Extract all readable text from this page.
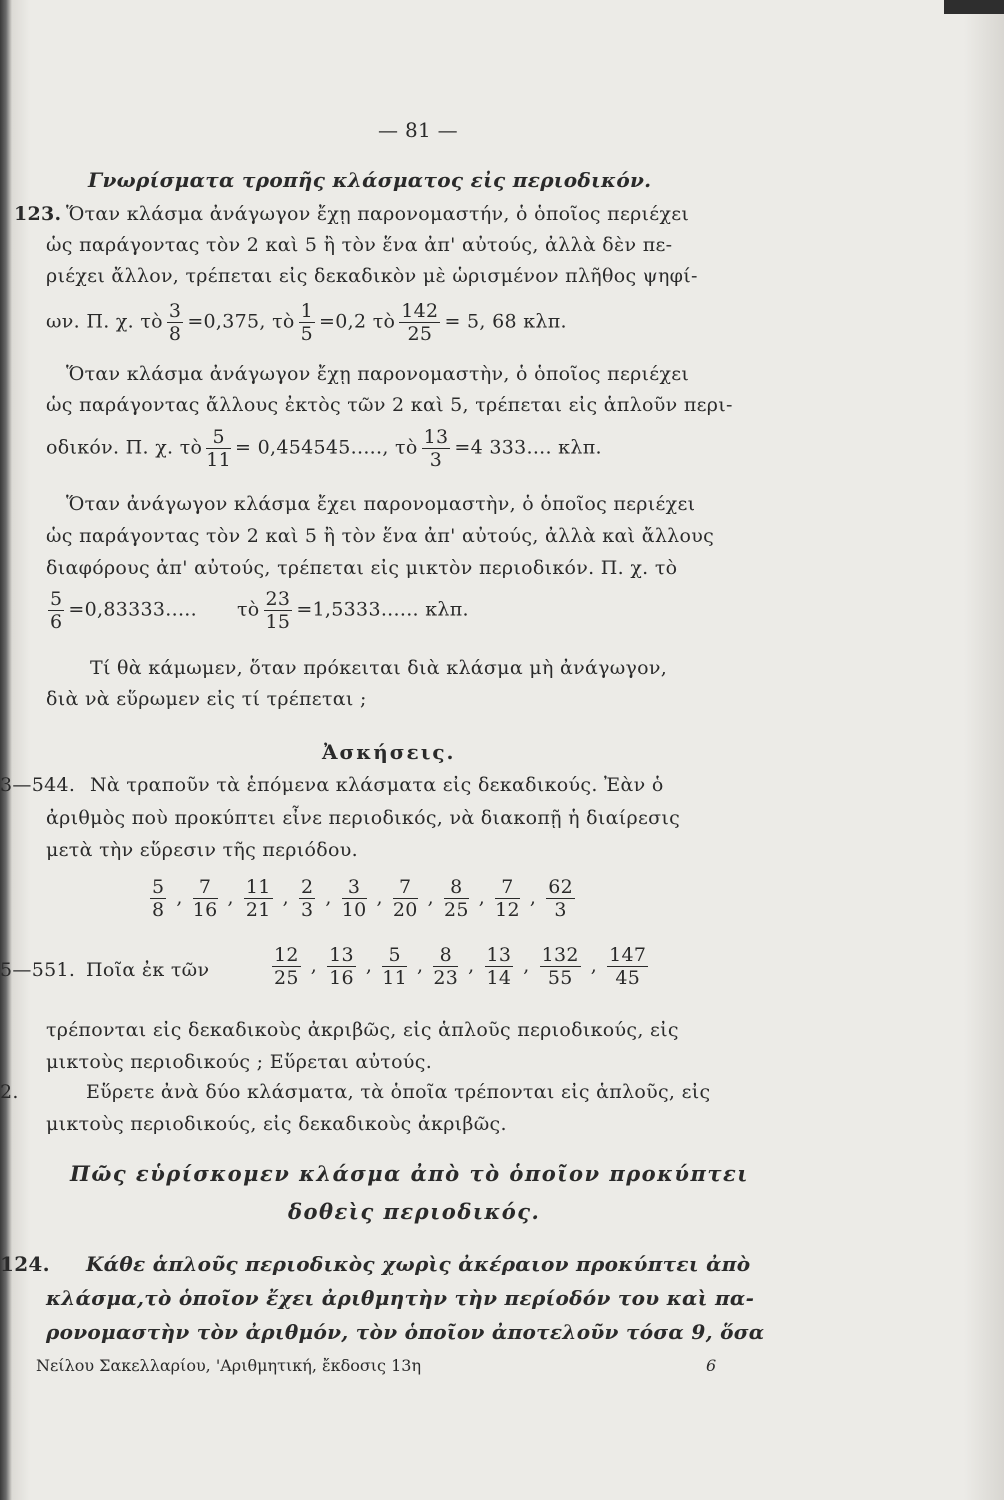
— 81 —
Γνωρίσματα τροπῆς κλάσματος εἰς περιοδικόν.
123. Ὅταν κλάσμα ἀνάγωγον ἔχῃ παρονομαστήν, ὁ ὁποῖος περιέχει
ὡς παράγοντας τὸν 2 καὶ 5 ἢ τὸν ἕνα ἀπ' αὐτούς, ἀλλὰ δὲν πε-
ριέχει ἄλλον, τρέπεται εἰς δεκαδικὸν μὲ ὡρισμένον πλῆθος ψηφί-
ων. Π. χ. τὸ $\frac{3}{8} =0,375$, τὸ $\frac{1}{5} =0,2$ τὸ $\frac{142}{25} = 5$, 68 κλπ.
Ὅταν κλάσμα ἀνάγωγον ἔχῃ παρονομαστὴν, ὁ ὁποῖος περιέχει
ὡς παράγοντας ἄλλους ἐκτὸς τῶν 2 καὶ 5, τρέπεται εἰς ἁπλοῦν περι-
οδικόν. Π. χ. τὸ $\frac{5}{11} = 0,454545$....., τὸ $\frac{13}{3} =4$ 333.... κλπ.
Ὅταν ἀνάγωγον κλάσμα ἔχει παρονομαστὴν, ὁ ὁποῖος περιέχει
ὡς παράγοντας τὸν 2 καὶ 5 ἢ τὸν ἕνα ἀπ' αὐτούς, ἀλλὰ καὶ ἄλλους
διαφόρους ἀπ' αὐτούς, τρέπεται εἰς μικτὸν περιοδικόν. Π. χ. τὸ
$\frac{5}{6} =0,83333$..... τὸ $\frac{23}{15} =1,5333$...... κλπ.
Τί θὰ κάμωμεν, ὅταν πρόκειται διὰ κλάσμα μὴ ἀνάγωγον,
διὰ νὰ εὕρωμεν εἰς τί τρέπεται ;
Ἀσκήσεις.
3—544. Νὰ τραποῦν τὰ ἑπόμενα κλάσματα εἰς δεκαδικούς. Ἐὰν ὁ
ἀριθμὸς ποὺ προκύπτει εἶνε περιοδικός, νὰ διακοπῇ ἡ διαίρεσις
μετὰ τὴν εὕρεσιν τῆς περιόδου.
$\frac{5}{8}$ , $\frac{7}{16}$ , $\frac{11}{21}$ , $\frac{2}{3}$ , $\frac{3}{10}$ , $\frac{7}{20}$ , $\frac{8}{25}$ , $\frac{7}{12}$ , $\frac{62}{3}$
5—551. Ποῖα ἐκ τῶν	$\frac{12}{25}$ , $\frac{13}{16}$ , $\frac{5}{11}$ , $\frac{8}{23}$ , $\frac{13}{14}$ , $\frac{132}{55}$ , $\frac{147}{45}$
τρέπονται εἰς δεκαδικοὺς ἀκριβῶς, εἰς ἁπλοῦς περιοδικούς, εἰς
μικτοὺς περιοδικούς ; Εὕρεται αὐτούς.
2.	Εὕρετε ἀνὰ δύο κλάσματα, τὰ ὁποῖα τρέπονται εἰς ἁπλοῦς, εἰς
μικτοὺς περιοδικούς, εἰς δεκαδικοὺς ἀκριβῶς.
Πῶς εὑρίσκομεν κλάσμα ἀπὸ τὸ ὁποῖον προκύπτει
δοθεὶς περιοδικός.
124. Κάθε ἁπλοῦς περιοδικὸς χωρὶς ἀκέραιον προκύπτει ἀπὸ
κλάσμα,τὸ ὁποῖον ἔχει ἀριθμητὴν τὴν περίοδόν του καὶ πα-
ρονομαστὴν τὸν ἀριθμόν, τὸν ὁποῖον ἀποτελοῦν τόσα 9, ὅσα
Νείλου Σακελλαρίου, 'Αριθμητική, ἔκδοσις 13η	6
